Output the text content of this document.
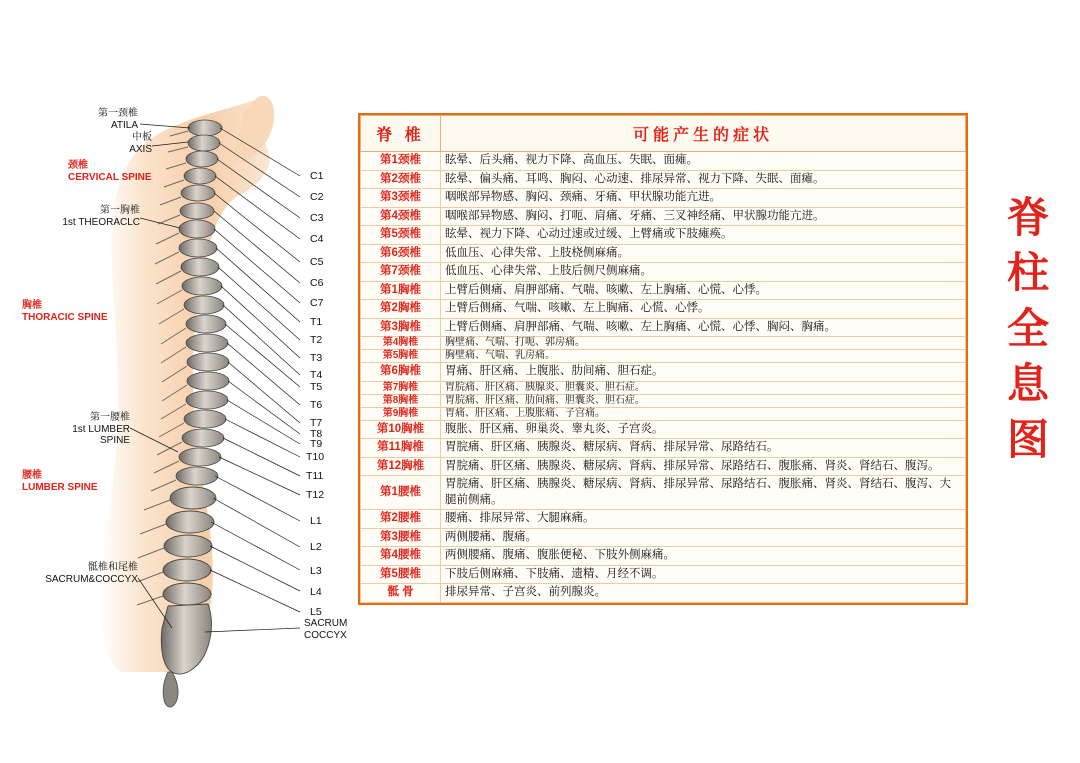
第一颈椎
ATILA
中板
AXIS
颈椎
CERVICAL SPINE
第一胸椎
1st THEORACLC
胸椎
THORACIC SPINE
第一腰椎
1st LUMBER
SPINE
腰椎
LUMBER SPINE
骶椎和尾椎
SACRUM&COCCYX
SACRUM
COCCYX
C1
C2
C3
C4
C5
C6
C7
T1
T2
T3
T4
T5
T6
T7
T8
T9
T10
T11
T12
L1
L2
L3
L4
L5
脊 椎	可能产生的症状
第1颈椎	眩晕、后头痛、视力下降、高血压、失眠、面瘫。
第2颈椎	眩晕、偏头痛、耳鸣、胸闷、心动速、排尿异常、视力下降、失眠、面瘫。
第3颈椎	咽喉部异物感、胸闷、颈痛、牙痛、甲状腺功能亢进。
第4颈椎	咽喉部异物感、胸闷、打呃、肩痛、牙痛、三叉神经痛、甲状腺功能亢进。
第5颈椎	眩晕、视力下降、心动过速或过缓、上臂痛或下肢瘫痪。
第6颈椎	低血压、心律失常、上肢桡侧麻痛。
第7颈椎	低血压、心律失常、上肢后侧尺侧麻痛。
第1胸椎	上臂后侧痛、肩胛部痛、气喘、咳嗽、左上胸痛、心慌、心悸。
第2胸椎	上臂后侧痛、气喘、咳嗽、左上胸痛、心慌、心悸。
第3胸椎	上臂后侧痛、肩胛部痛、气喘、咳嗽、左上胸痛、心慌、心悸、胸闷、胸痛。
第4胸椎	胸壁痛、气喘、打呃、郭房痛。
第5胸椎	胸壁痛、气喘、乳房痛。
第6胸椎	胃痛、肝区痛、上腹胀、肋间痛、胆石症。
第7胸椎	胃脘痛、肝区痛、胰腺炎、胆囊炎、胆石症。
第8胸椎	胃脘痛、肝区痛、肋间痛、胆囊炎、胆石症。
第9胸椎	胃痛、肝区痛、上腹胀痛、子宫痛。
第10胸椎	腹胀、肝区痛、卵巢炎、睾丸炎、子宫炎。
第11胸椎	胃脘痛、肝区痛、胰腺炎、糖尿病、肾病、排尿异常、尿路结石。
第12胸椎	胃脘痛、肝区痛、胰腺炎、糖尿病、肾病、排尿异常、尿路结石、腹胀痛、肾炎、肾结石、腹泻。
第1腰椎	胃脘痛、肝区痛、胰腺炎、糖尿病、肾病、排尿异常、尿路结石、腹胀痛、肾炎、肾结石、腹泻、大腿前侧痛。
第2腰椎	腰痛、排尿异常、大腿麻痛。
第3腰椎	两侧腰痛、腹痛。
第4腰椎	两侧腰痛、腹痛、腹胀便秘、下肢外侧麻痛。
第5腰椎	下肢后侧麻痛、下肢痛、遗精、月经不调。
骶 骨	排尿异常、子宫炎、前列腺炎。
脊
柱
全
息
图
